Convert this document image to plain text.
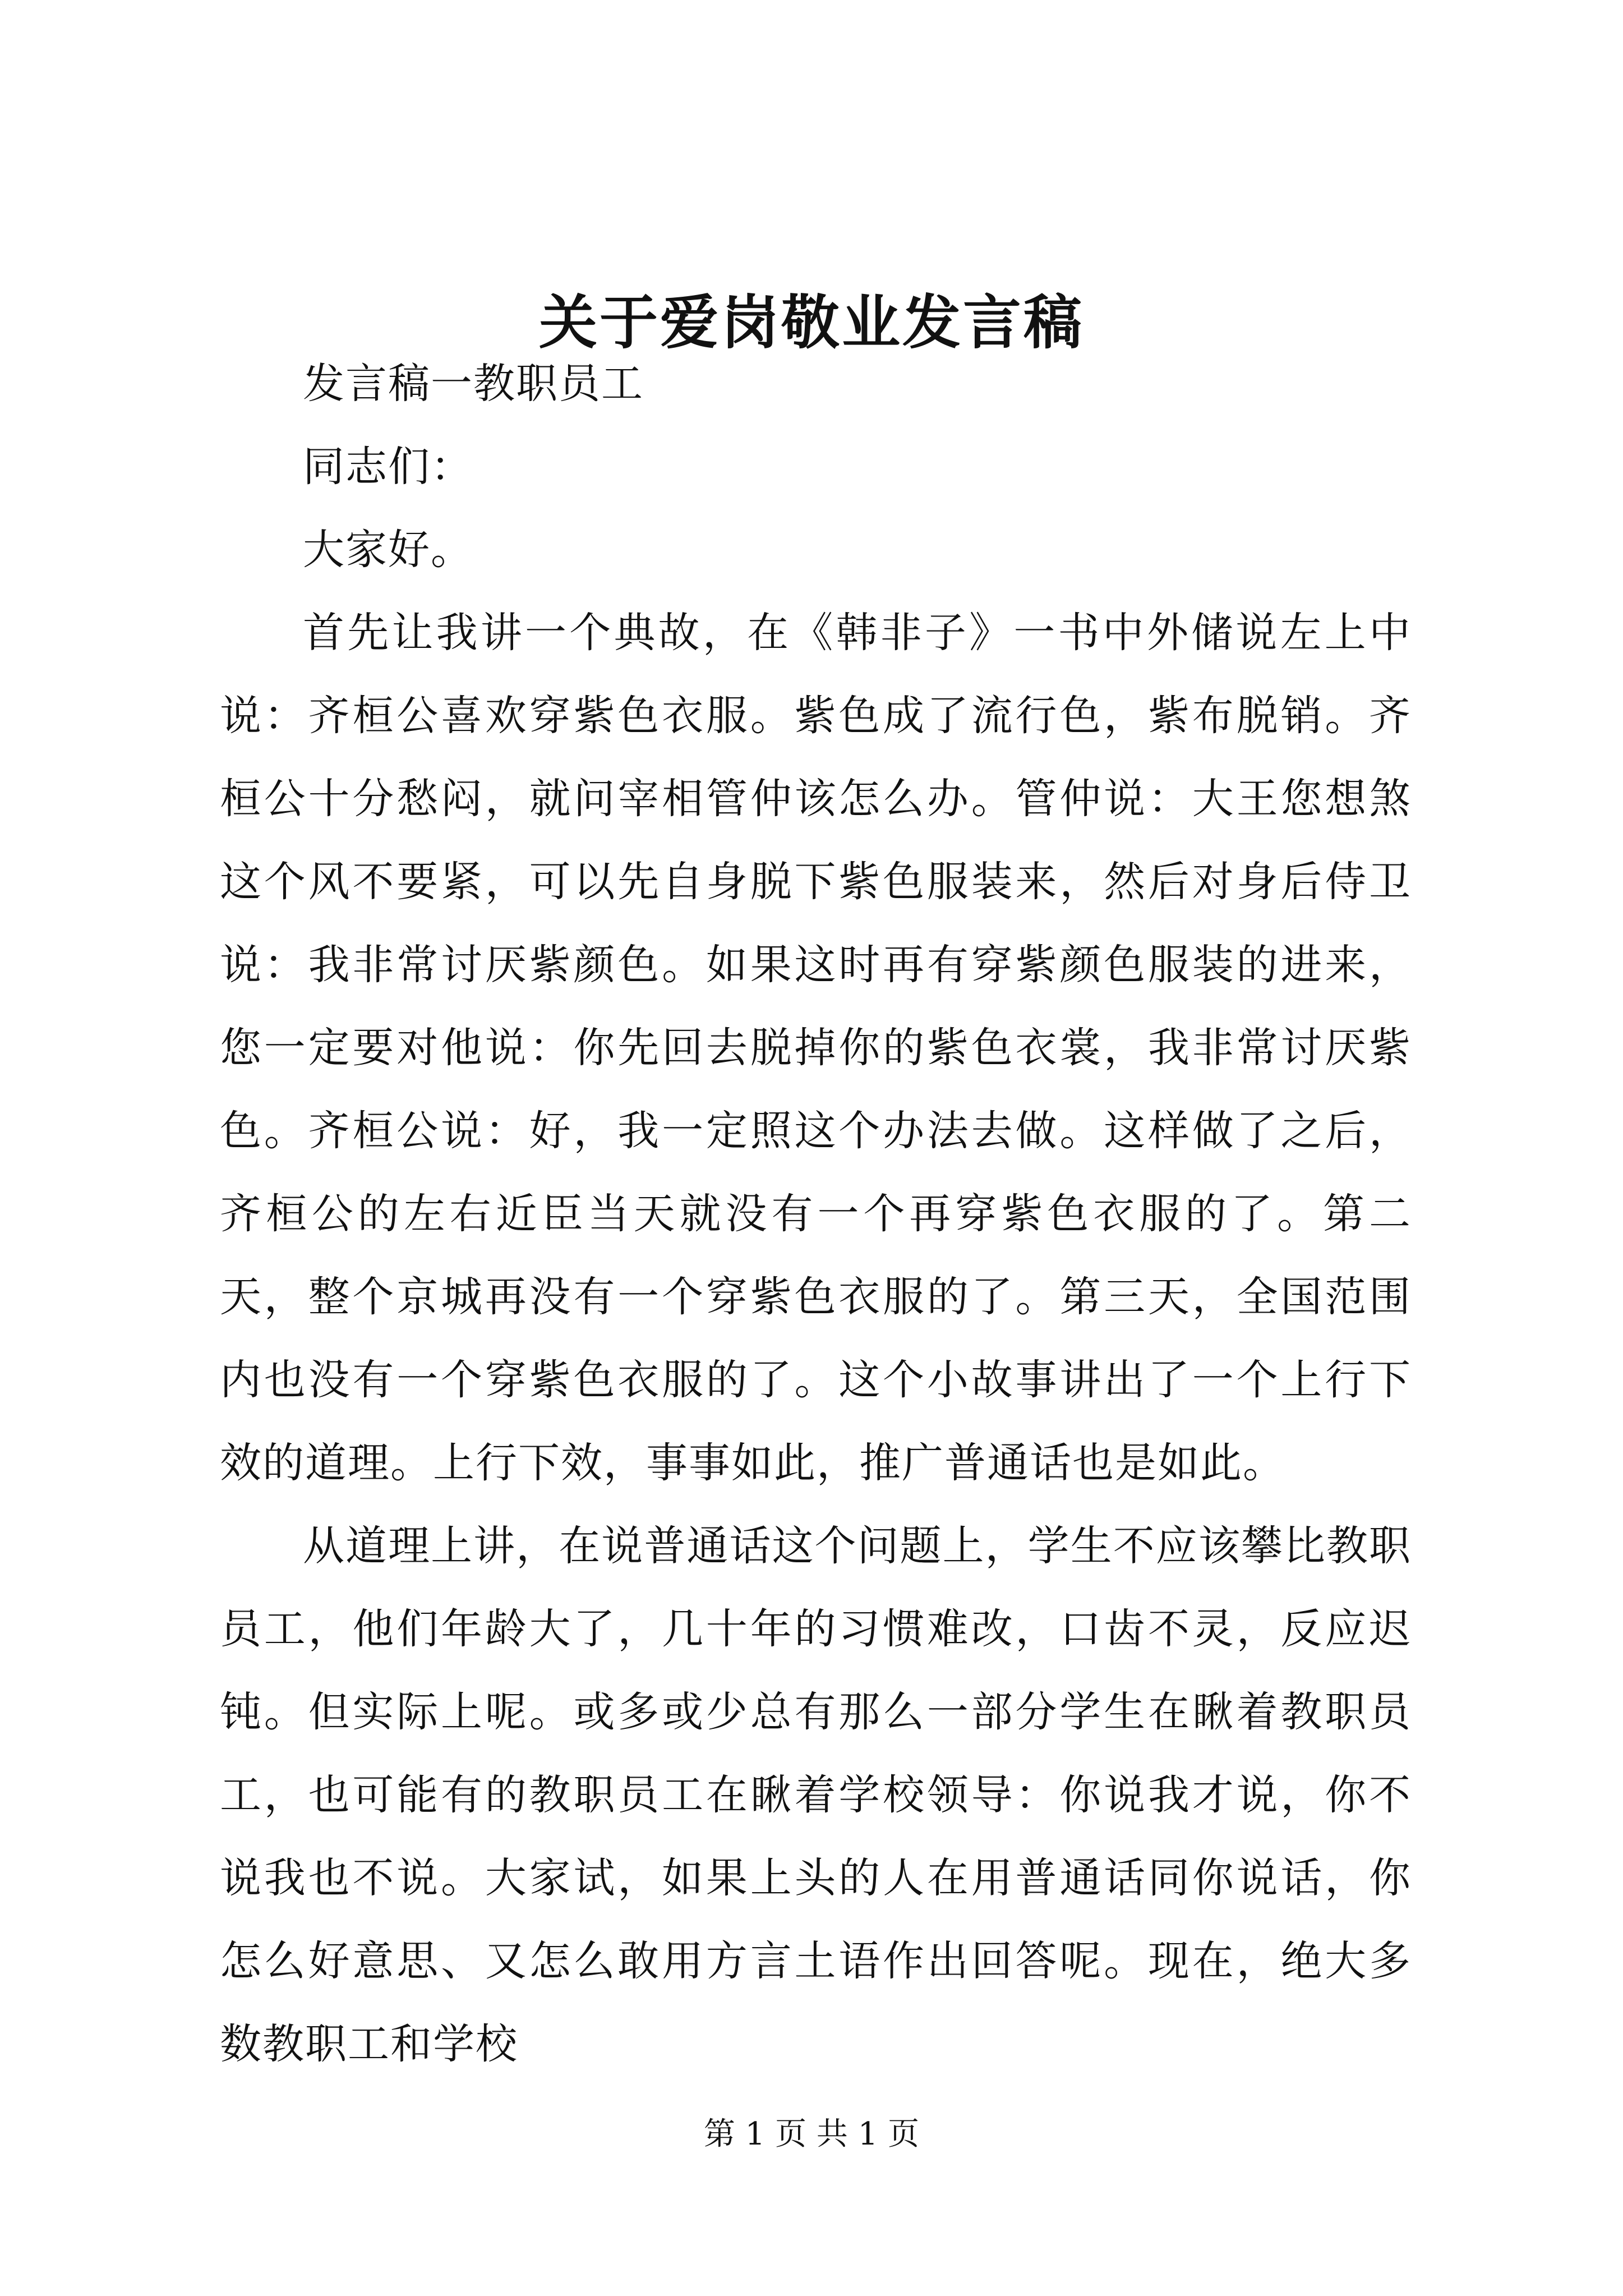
关于爱岗敬业发言稿

发言稿一教职员工

同志们：

大家好。

首先让我讲一个典故，在《韩非子》一书中外储说左上中说：齐桓公喜欢穿紫色衣服。紫色成了流行色，紫布脱销。齐桓公十分愁闷，就问宰相管仲该怎么办。管仲说：大王您想煞这个风不要紧，可以先自身脱下紫色服装来，然后对身后侍卫说：我非常讨厌紫颜色。如果这时再有穿紫颜色服装的进来，您一定要对他说：你先回去脱掉你的紫色衣裳，我非常讨厌紫色。齐桓公说：好，我一定照这个办法去做。这样做了之后，齐桓公的左右近臣当天就没有一个再穿紫色衣服的了。第二天，整个京城再没有一个穿紫色衣服的了。第三天，全国范围内也没有一个穿紫色衣服的了。这个小故事讲出了一个上行下效的道理。上行下效，事事如此，推广普通话也是如此。

从道理上讲，在说普通话这个问题上，学生不应该攀比教职员工，他们年龄大了，几十年的习惯难改，口齿不灵，反应迟钝。但实际上呢。或多或少总有那么一部分学生在瞅着教职员工，也可能有的教职员工在瞅着学校领导：你说我才说，你不说我也不说。大家试，如果上头的人在用普通话同你说话，你怎么好意思、又怎么敢用方言土语作出回答呢。现在，绝大多数教职工和学校

第 1 页 共 1 页
